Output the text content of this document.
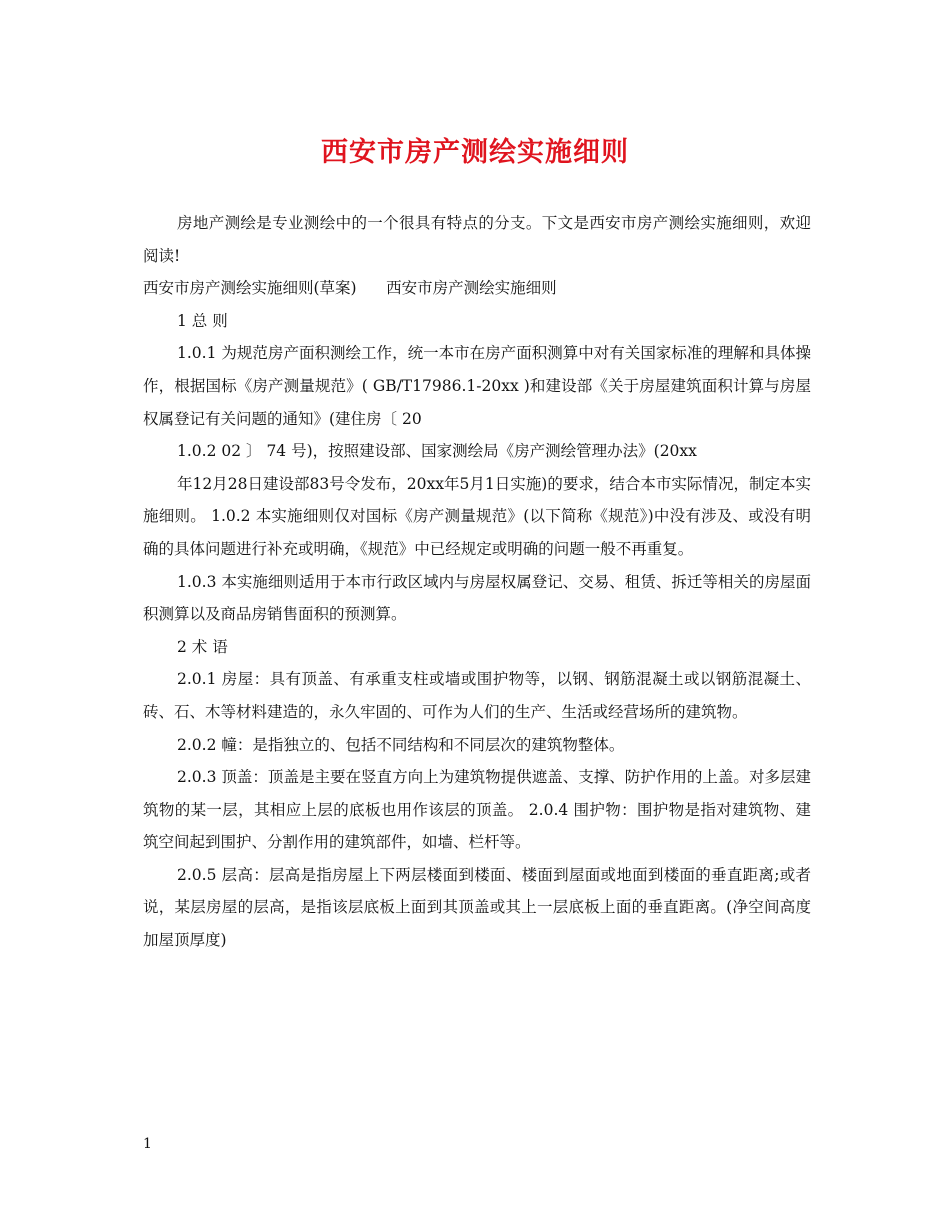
西安市房产测绘实施细则

房地产测绘是专业测绘中的一个很具有特点的分支。下文是西安市房产测绘实施细则，欢迎阅读!

西安市房产测绘实施细则(草案)      西安市房产测绘实施细则

1 总 则

1.0.1 为规范房产面积测绘工作，统一本市在房产面积测算中对有关国家标准的理解和具体操作，根据国标《房产测量规范》( GB/T17986.1-20xx )和建设部《关于房屋建筑面积计算与房屋权属登记有关问题的通知》(建住房〔 20

1.0.2 02 〕 74 号)，按照建设部、国家测绘局《房产测绘管理办法》(20xx

年12月28日建设部83号令发布，20xx年5月1日实施)的要求，结合本市实际情况，制定本实施细则。 1.0.2 本实施细则仅对国标《房产测量规范》(以下简称《规范》)中没有涉及、或没有明确的具体问题进行补充或明确，《规范》中已经规定或明确的问题一般不再重复。

1.0.3 本实施细则适用于本市行政区域内与房屋权属登记、交易、租赁、拆迁等相关的房屋面积测算以及商品房销售面积的预测算。

2 术 语

2.0.1 房屋：具有顶盖、有承重支柱或墙或围护物等，以钢、钢筋混凝土或以钢筋混凝土、砖、石、木等材料建造的，永久牢固的、可作为人们的生产、生活或经营场所的建筑物。

2.0.2 幢：是指独立的、包括不同结构和不同层次的建筑物整体。

2.0.3 顶盖：顶盖是主要在竖直方向上为建筑物提供遮盖、支撑、防护作用的上盖。对多层建筑物的某一层，其相应上层的底板也用作该层的顶盖。 2.0.4 围护物：围护物是指对建筑物、建筑空间起到围护、分割作用的建筑部件，如墙、栏杆等。

2.0.5 层高：层高是指房屋上下两层楼面到楼面、楼面到屋面或地面到楼面的垂直距离;或者说，某层房屋的层高，是指该层底板上面到其顶盖或其上一层底板上面的垂直距离。(净空间高度加屋顶厚度)

1
